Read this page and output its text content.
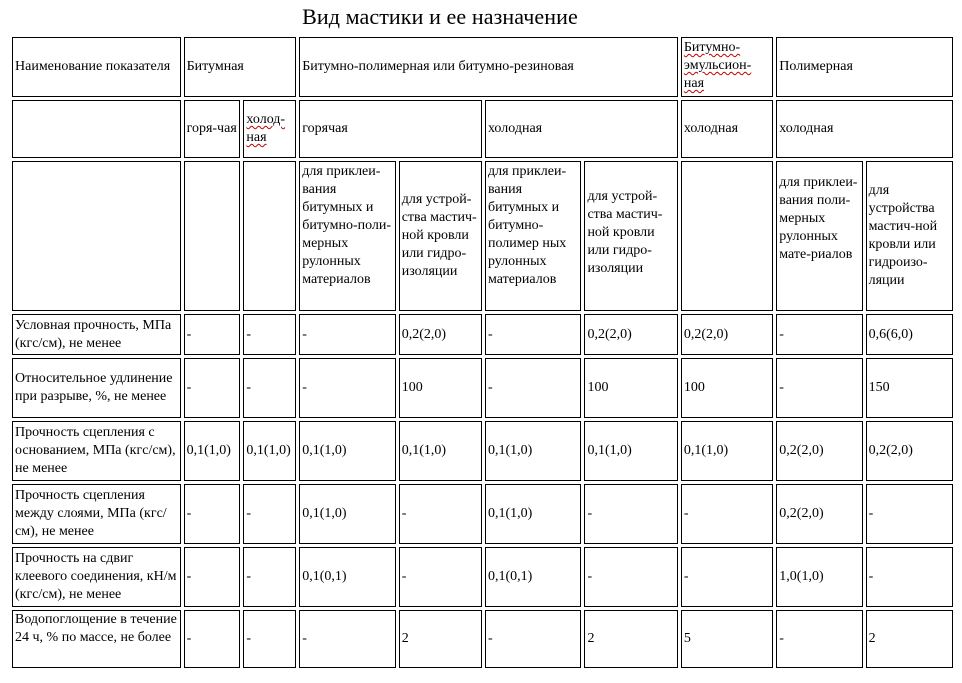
Вид мастики и ее назначение
Наименование показателя	Битумная		Битумно-полимерная или битумно-резиновая				Битумно-эмульсион-ная	Полимерная	

	горя-чая	холод-ная	горячая		холодная		холодная	холодная	

			для приклеи-вания битумных и битумно-поли-мерных рулонных материалов	для устрой-ства мастич-ной кровли или гидро-изоляции	для приклеи-вания битумных и битумно-полимер ных рулонных материалов	для устрой-ства мастич-ной кровли или гидро-изоляции		для приклеи-вания поли-мерных рулонных мате-риалов	для устройства мастич-ной кровли или гидроизо-ляции

Условная прочность, МПа (кгс/см), не менее	-	-	-	0,2(2,0)	-	0,2(2,0)	0,2(2,0)	-	0,6(6,0)
Относительное удлинение при разрыве, %, не менее	-	-	-	100	-	100	100	-	150
Прочность сцепления с основанием, МПа (кгс/см), не менее	0,1(1,0)	0,1(1,0)	0,1(1,0)	0,1(1,0)	0,1(1,0)	0,1(1,0)	0,1(1,0)	0,2(2,0)	0,2(2,0)
Прочность сцепления между слоями, МПа (кгс/см), не менее	-	-	0,1(1,0)	-	0,1(1,0)	-	-	0,2(2,0)	-
Прочность на сдвиг клеевого соединения, кН/м (кгс/см), не менее	-	-	0,1(0,1)	-	0,1(0,1)	-	-	1,0(1,0)	-
Водопоглощение в течение 24 ч, % по массе, не более	-	-	-	2	-	2	5	-	2
